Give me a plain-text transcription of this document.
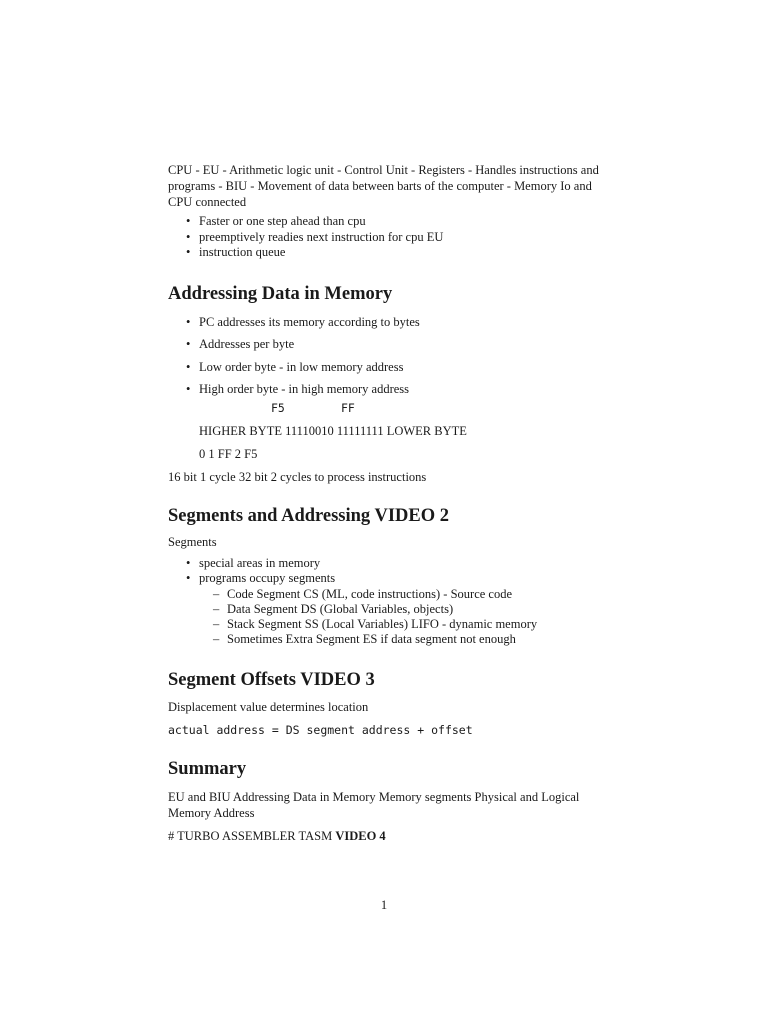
CPU - EU - Arithmetic logic unit - Control Unit - Registers - Handles instructions and programs - BIU - Movement of data between barts of the computer - Memory Io and CPU connected

• Faster or one step ahead than cpu
• preemptively readies next instruction for cpu EU
• instruction queue
Addressing Data in Memory
• PC addresses its memory according to bytes
• Addresses per byte
• Low order byte - in low memory address
• High order byte - in high memory address
F5	FF

HIGHER BYTE 11110010 11111111 LOWER BYTE

0 1 FF 2 F5

16 bit 1 cycle 32 bit 2 cycles to process instructions

Segments and Addressing VIDEO 2

Segments

• special areas in memory
• programs occupy segments
– Code Segment CS (ML, code instructions) - Source code
– Data Segment DS (Global Variables, objects)
– Stack Segment SS (Local Variables) LIFO - dynamic memory
– Sometimes Extra Segment ES if data segment not enough
Segment Offsets VIDEO 3

Displacement value determines location

actual address = DS segment address + offset

Summary

EU and BIU Addressing Data in Memory Memory segments Physical and Logical Memory Address

# TURBO ASSEMBLER TASM VIDEO 4

1
